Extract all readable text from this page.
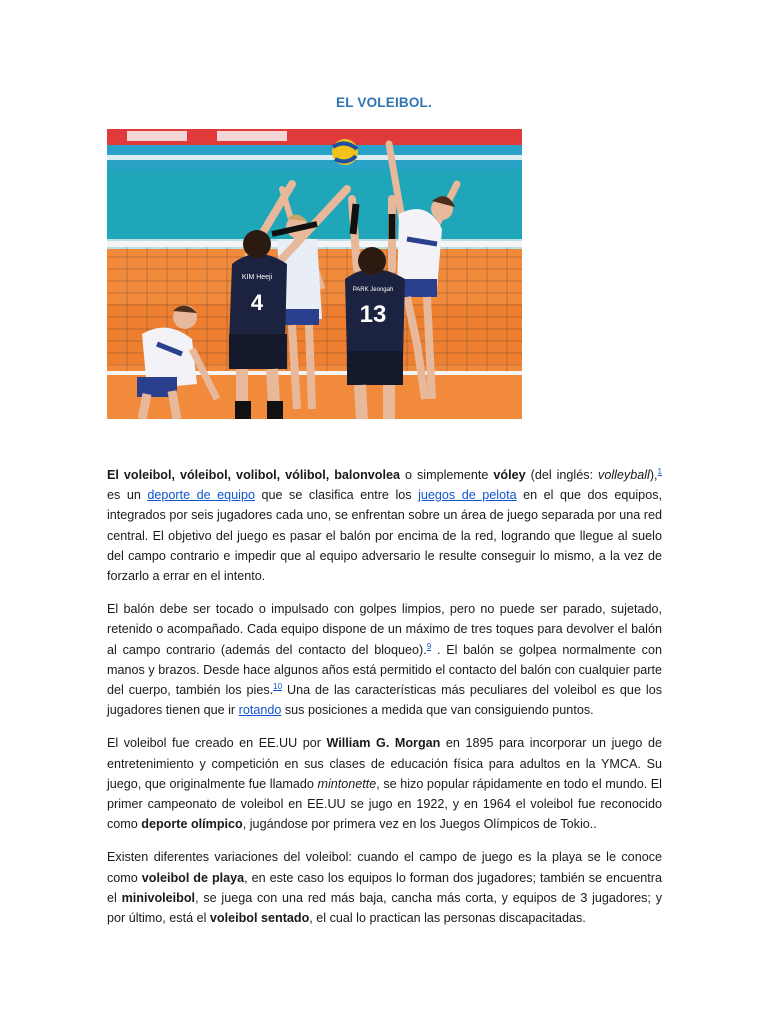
EL VOLEIBOL.
4
KIM Heeji
13
PARK Jeongah

El voleibol, vóleibol, volibol, vólibol, balonvolea o simplemente vóley (del inglés: volleyball),$^1$ es un deporte de equipo que se clasifica entre los juegos de pelota en el que dos equipos, integrados por seis jugadores cada uno, se enfrentan sobre un área de juego separada por una red central. El objetivo del juego es pasar el balón por encima de la red, logrando que llegue al suelo del campo contrario e impedir que al equipo adversario le resulte conseguir lo mismo, a la vez de forzarlo a errar en el intento.

El balón debe ser tocado o impulsado con golpes limpios, pero no puede ser parado, sujetado, retenido o acompañado. Cada equipo dispone de un máximo de tres toques para devolver el balón al campo contrario (además del contacto del bloqueo).$^9$ . El balón se golpea normalmente con manos y brazos. Desde hace algunos años está permitido el contacto del balón con cualquier parte del cuerpo, también los pies.$^{10}$ Una de las características más peculiares del voleibol es que los jugadores tienen que ir rotando sus posiciones a medida que van consiguiendo puntos.

El voleibol fue creado en EE.UU por William G. Morgan en 1895 para incorporar un juego de entretenimiento y competición en sus clases de educación física para adultos en la YMCA. Su juego, que originalmente fue llamado mintonette, se hizo popular rápidamente en todo el mundo. El primer campeonato de voleibol en EE.UU se jugo en 1922, y en 1964 el voleibol fue reconocido como deporte olímpico, jugándose por primera vez en los Juegos Olímpicos de Tokio..

Existen diferentes variaciones del voleibol: cuando el campo de juego es la playa se le conoce como voleibol de playa, en este caso los equipos lo forman dos jugadores; también se encuentra el minivoleibol, se juega con una red más baja, cancha más corta, y equipos de 3 jugadores; y por último, está el voleibol sentado, el cual lo practican las personas discapacitadas.
